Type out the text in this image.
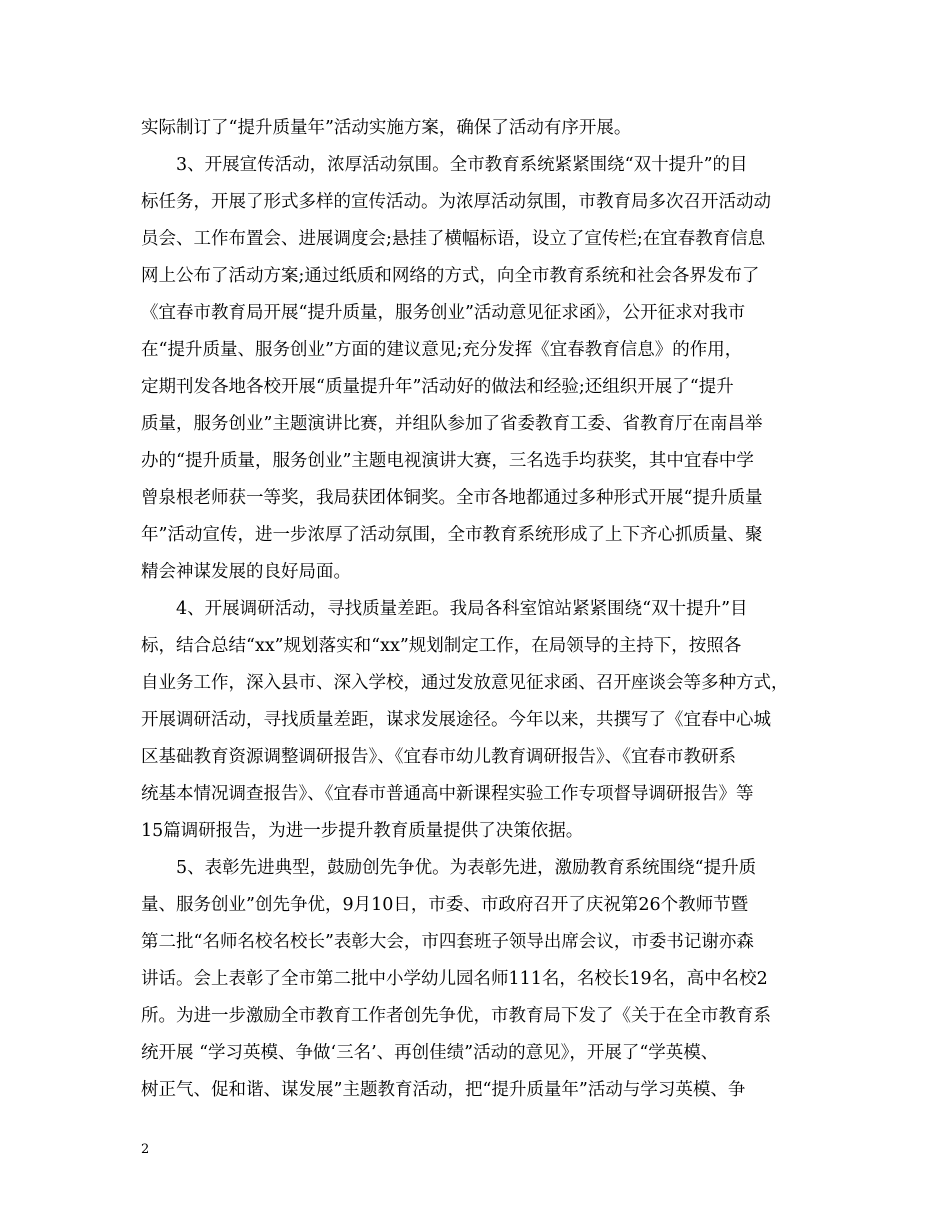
实际制订了“提升质量年”活动实施方案，确保了活动有序开展。
3、开展宣传活动，浓厚活动氛围。全市教育系统紧紧围绕“双十提升”的目
标任务，开展了形式多样的宣传活动。为浓厚活动氛围，市教育局多次召开活动动
员会、工作布置会、进展调度会;悬挂了横幅标语，设立了宣传栏;在宜春教育信息
网上公布了活动方案;通过纸质和网络的方式，向全市教育系统和社会各界发布了
《宜春市教育局开展“提升质量，服务创业”活动意见征求函》，公开征求对我市
在“提升质量、服务创业”方面的建议意见;充分发挥《宜春教育信息》的作用，
定期刊发各地各校开展“质量提升年”活动好的做法和经验;还组织开展了“提升
质量，服务创业”主题演讲比赛，并组队参加了省委教育工委、省教育厅在南昌举
办的“提升质量，服务创业”主题电视演讲大赛，三名选手均获奖，其中宜春中学
曾泉根老师获一等奖，我局获团体铜奖。全市各地都通过多种形式开展“提升质量
年”活动宣传，进一步浓厚了活动氛围，全市教育系统形成了上下齐心抓质量、聚
精会神谋发展的良好局面。
4、开展调研活动，寻找质量差距。我局各科室馆站紧紧围绕“双十提升”目
标，结合总结“xx”规划落实和“xx”规划制定工作，在局领导的主持下，按照各
自业务工作，深入县市、深入学校，通过发放意见征求函、召开座谈会等多种方式，
开展调研活动，寻找质量差距，谋求发展途径。今年以来，共撰写了《宜春中心城
区基础教育资源调整调研报告》、《宜春市幼儿教育调研报告》、《宜春市教研系
统基本情况调查报告》、《宜春市普通高中新课程实验工作专项督导调研报告》等
15篇调研报告，为进一步提升教育质量提供了决策依据。
5、表彰先进典型，鼓励创先争优。为表彰先进，激励教育系统围绕“提升质
量、服务创业”创先争优，9月10日，市委、市政府召开了庆祝第26个教师节暨
第二批“名师名校名校长”表彰大会，市四套班子领导出席会议，市委书记谢亦森
讲话。会上表彰了全市第二批中小学幼儿园名师111名，名校长19名，高中名校2
所。为进一步激励全市教育工作者创先争优，市教育局下发了《关于在全市教育系
统开展 “学习英模、争做‘三名’、再创佳绩”活动的意见》，开展了“学英模、
树正气、促和谐、谋发展”主题教育活动，把“提升质量年”活动与学习英模、争
2
